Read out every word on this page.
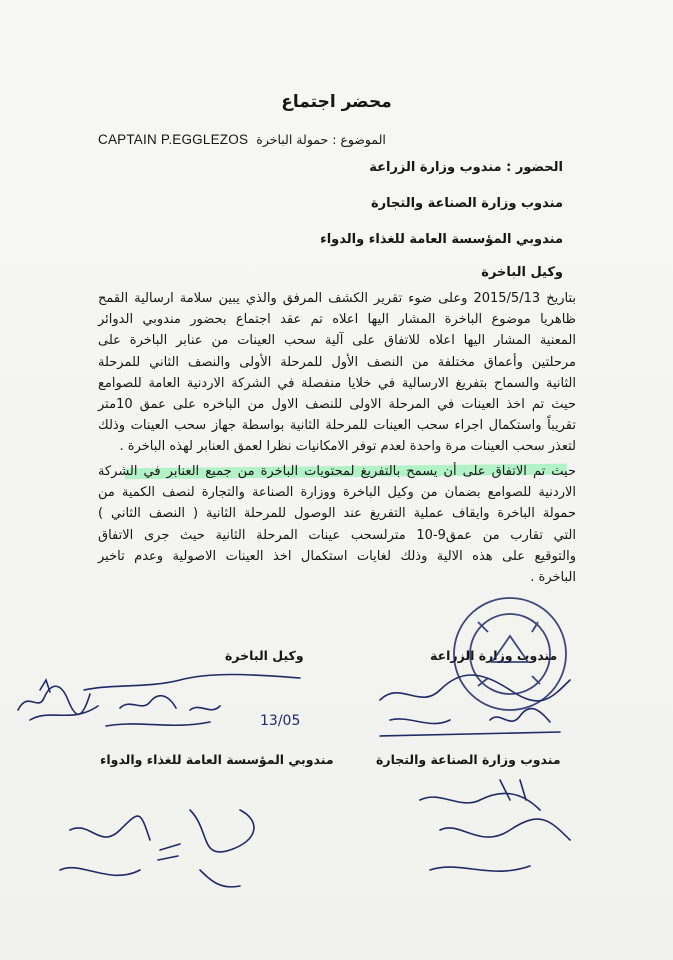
محضر اجتماع
CAPTAIN P.EGGLEZOS الموضوع : حمولة الباخرة
الحضور : مندوب وزارة الزراعة
مندوب وزارة الصناعة والتجارة
مندوبي المؤسسة العامة للغذاء والدواء
وكيل الباخرة
بتاريخ 2015/5/13 وعلى ضوء تقرير الكشف المرفق والذي يبين سلامة ارسالية القمح
ظاهريا موضوع الباخرة المشار اليها اعلاه تم عقد اجتماع بحضور مندوبي الدوائر
المعنية المشار اليها اعلاه للاتفاق على آلية سحب العينات من عنابر الباخرة على
مرحلتين وأعماق مختلفة من النصف الأول للمرحلة الأولى والنصف الثاني للمرحلة
الثانية والسماح بتفريغ الارسالية في خلايا منفصلة في الشركة الاردنية العامة للصوامع
حيث تم اخذ العينات في المرحلة الاولى للنصف الاول من الباخره على عمق 10متر
تقريباً واستكمال اجراء سحب العينات للمرحلة الثانية بواسطة جهاز سحب العينات وذلك
لتعذر سحب العينات مرة واحدة لعدم توفر الامكانيات نظرا لعمق العنابر لهذه الباخرة .
حيث تم الاتفاق على أن يسمح بالتفريغ لمحتويات الباخرة من جميع العنابر في الشركة
الاردنية للصوامع بضمان من وكيل الباخرة ووزارة الصناعة والتجارة لنصف الكمية من
حمولة الباخرة وايقاف عملية التفريغ عند الوصول للمرحلة الثانية ( النصف الثاني )
التي تقارب من عمق9-10 مترلسحب عينات المرحلة الثانية حيث جرى الاتفاق
والتوقيع على هذه الالية وذلك لغايات استكمال اخذ العينات الاصولية وعدم تاخير
الباخرة .
وكيل الباخرة	مندوب وزارة الزراعة
مندوبي المؤسسة العامة للغذاء والدواء	مندوب وزارة الصناعة والتجارة
13/05
